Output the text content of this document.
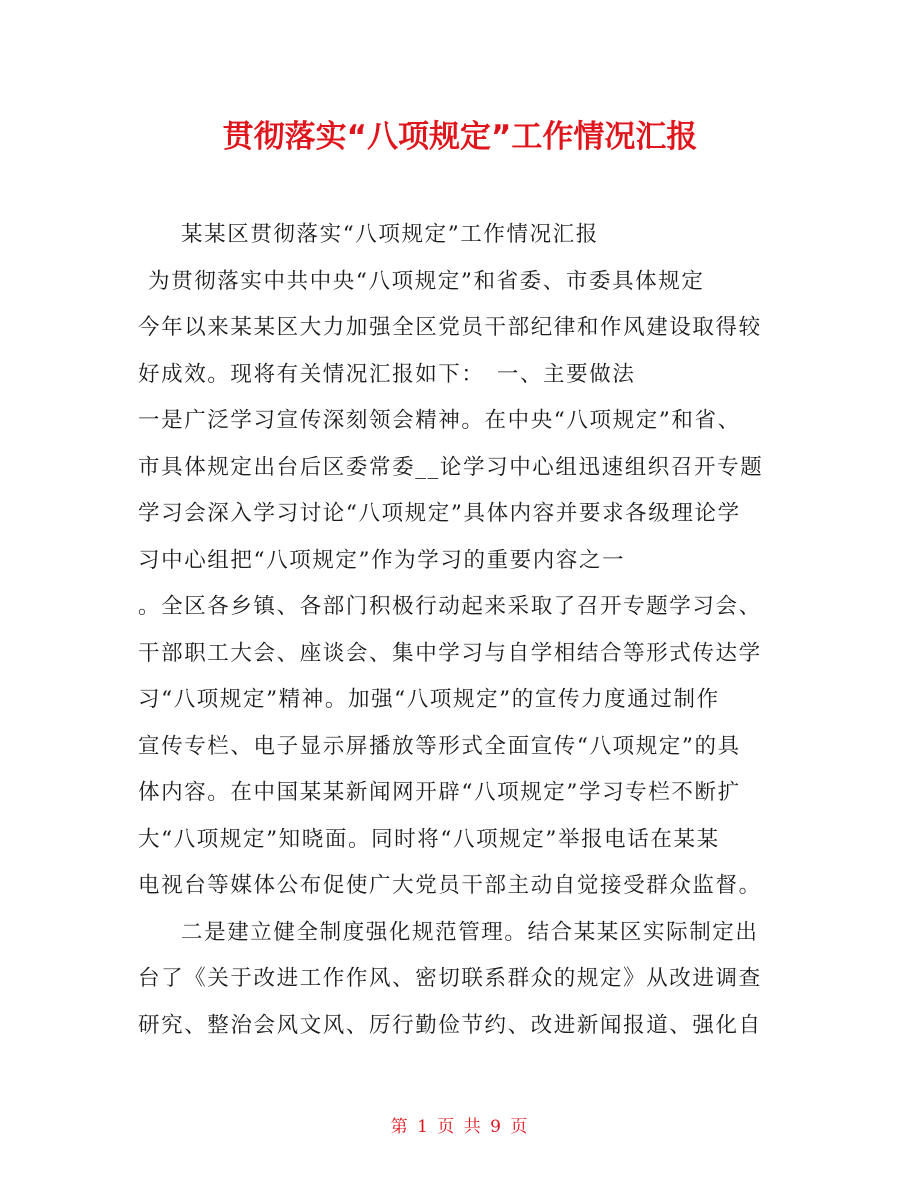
贯彻落实“八项规定”工作情况汇报
某某区贯彻落实“八项规定”工作情况汇报
为贯彻落实中共中央“八项规定”和省委、市委具体规定
今年以来某某区大力加强全区党员干部纪律和作风建设取得较
好成效。现将有关情况汇报如下：　一、主要做法
一是广泛学习宣传深刻领会精神。在中央“八项规定”和省、
市具体规定出台后区委常委__论学习中心组迅速组织召开专题
学习会深入学习讨论“八项规定”具体内容并要求各级理论学
习中心组把“八项规定”作为学习的重要内容之一
。全区各乡镇、各部门积极行动起来采取了召开专题学习会、
干部职工大会、座谈会、集中学习与自学相结合等形式传达学
习“八项规定”精神。加强“八项规定”的宣传力度通过制作
宣传专栏、电子显示屏播放等形式全面宣传“八项规定”的具
体内容。在中国某某新闻网开辟“八项规定”学习专栏不断扩
大“八项规定”知晓面。同时将“八项规定”举报电话在某某
电视台等媒体公布促使广大党员干部主动自觉接受群众监督。
二是建立健全制度强化规范管理。结合某某区实际制定出
台了《关于改进工作作风、密切联系群众的规定》从改进调查
研究、整治会风文风、厉行勤俭节约、改进新闻报道、强化自
第 1 页 共 9 页
